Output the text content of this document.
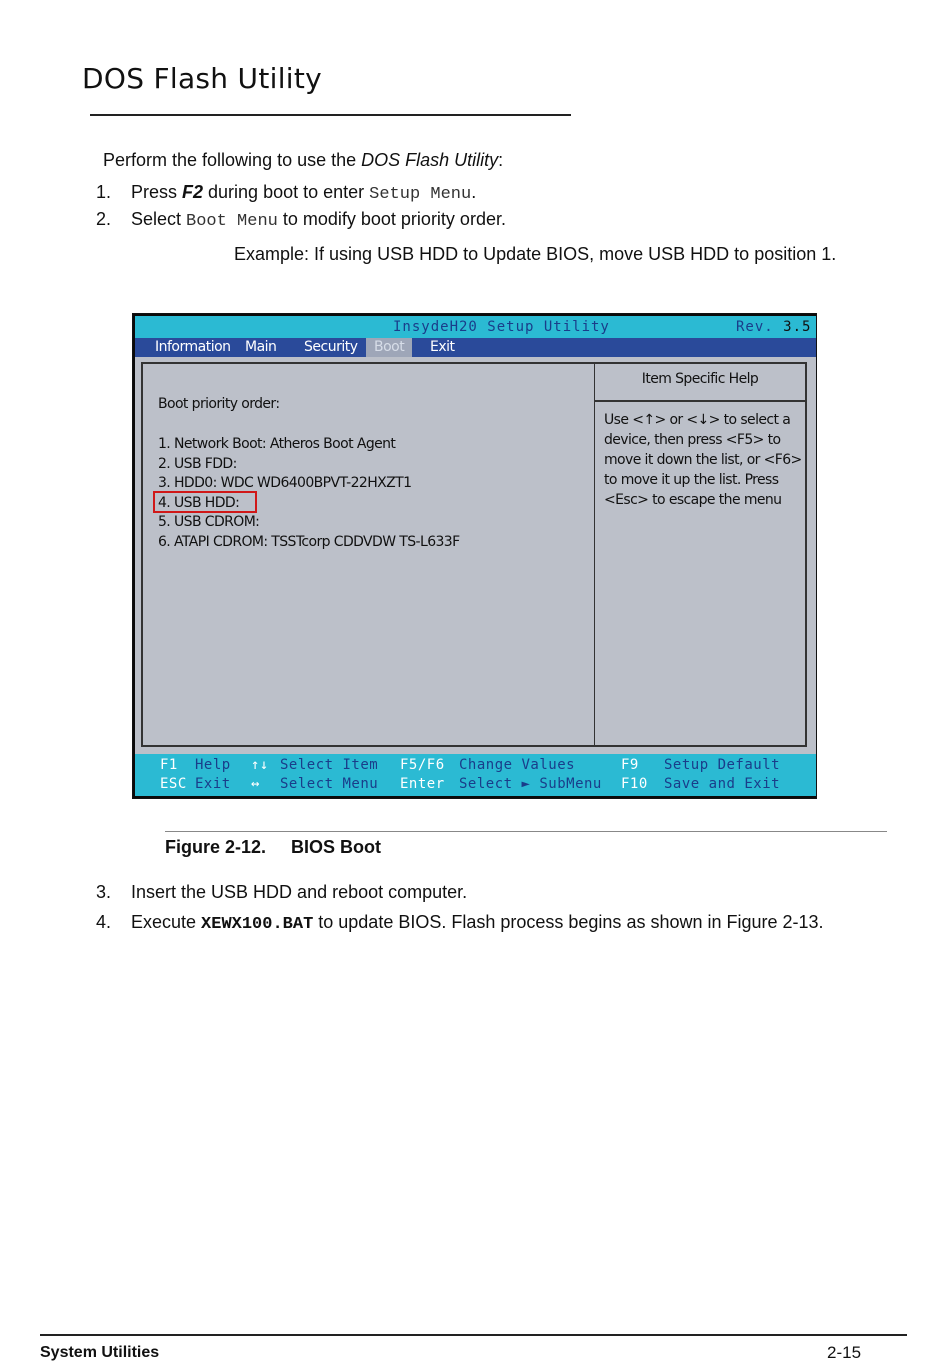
DOS Flash Utility
Perform the following to use the DOS Flash Utility:
1. Press F2 during boot to enter Setup Menu.
2. Select Boot Menu to modify boot priority order.
Example: If using USB HDD to Update BIOS, move USB HDD to position 1.
InsydeH20 Setup Utility	Rev. 3.5
Information Main Security	Boot	Exit
Boot priority order:
1. Network Boot: Atheros Boot Agent
2. USB FDD:
3. HDD0: WDC WD6400BPVT-22HXZT1
4. USB HDD:
5. USB CDROM:
6. ATAPI CDROM: TSSTcorp CDDVDW TS-L633F
Item Specific Help
Use <↑> or <↓> to select a
device, then press <F5> to
move it down the list, or <F6>
to move it up the list. Press
<Esc> to escape the menu
F1 Help
ESC Exit
↑↓ Select Item
↔ Select Menu
F5/F6 Change Values
Enter Select ► SubMenu
F9 Setup Default
F10 Save and Exit
Figure 2-12. BIOS Boot
3. Insert the USB HDD and reboot computer.
4. Execute XEWX100.BAT to update BIOS. Flash process begins as shown in Figure 2-13.
System Utilities	2-15
